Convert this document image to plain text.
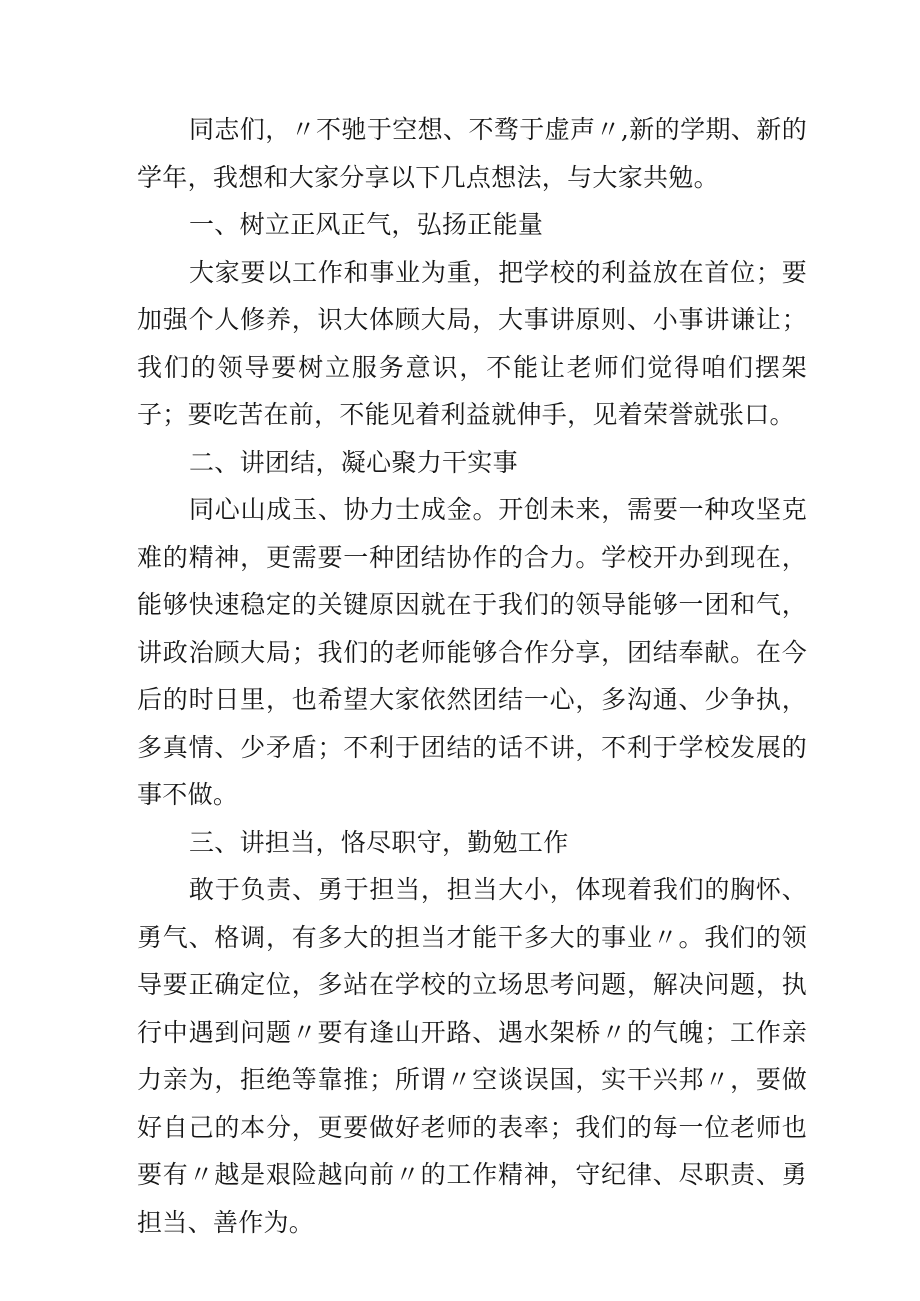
同志们，〃不驰于空想、不骛于虚声〃,新的学期、新的学年，我想和大家分享以下几点想法，与大家共勉。

一、树立正风正气，弘扬正能量

大家要以工作和事业为重，把学校的利益放在首位；要加强个人修养，识大体顾大局，大事讲原则、小事讲谦让；我们的领导要树立服务意识，不能让老师们觉得咱们摆架子；要吃苦在前，不能见着利益就伸手，见着荣誉就张口。

二、讲团结，凝心聚力干实事

同心山成玉、协力士成金。开创未来，需要一种攻坚克难的精神，更需要一种团结协作的合力。学校开办到现在，能够快速稳定的关键原因就在于我们的领导能够一团和气，讲政治顾大局；我们的老师能够合作分享，团结奉献。在今后的时日里，也希望大家依然团结一心，多沟通、少争执，多真情、少矛盾；不利于团结的话不讲，不利于学校发展的事不做。

三、讲担当，恪尽职守，勤勉工作

敢于负责、勇于担当，担当大小，体现着我们的胸怀、勇气、格调，有多大的担当才能干多大的事业〃。我们的领导要正确定位，多站在学校的立场思考问题，解决问题，执行中遇到问题〃要有逢山开路、遇水架桥〃的气魄；工作亲力亲为，拒绝等靠推；所谓〃空谈误国，实干兴邦〃，要做好自己的本分，更要做好老师的表率；我们的每一位老师也要有〃越是艰险越向前〃的工作精神，守纪律、尽职责、勇担当、善作为。
